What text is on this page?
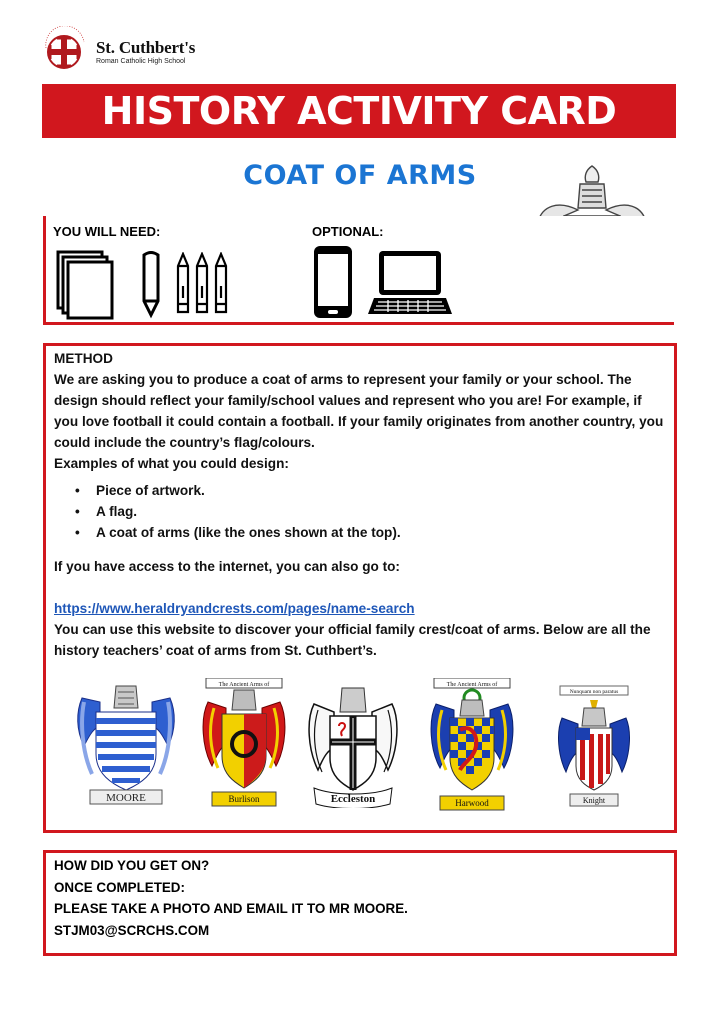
St. Cuthbert's
Roman Catholic High School
HISTORY ACTIVITY CARD
COAT OF ARMS
YOU WILL NEED:	OPTIONAL:

METHOD

We are asking you to produce a coat of arms to represent your family or your school. The design should reflect your family/school values and represent who you are! For example, if you love football it could contain a football. If your family originates from another country, you could include the country’s flag/colours.

Examples of what you could design:

• Piece of artwork.
• A flag.
• A coat of arms (like the ones shown at the top).

If you have access to the internet, you can also go to:

https://www.heraldryandcrests.com/pages/name-search

You can use this website to discover your official family crest/coat of arms. Below are all the history teachers’ coat of arms from St. Cuthbert’s.

MOORE
The Ancient Arms of
Burlison	Eccleston
The Ancient Arms of
Harwood
Nunquam non paratus
Knight
HOW DID YOU GET ON?
ONCE COMPLETED:
PLEASE TAKE A PHOTO AND EMAIL IT TO MR MOORE.
STJM03@SCRCHS.COM
